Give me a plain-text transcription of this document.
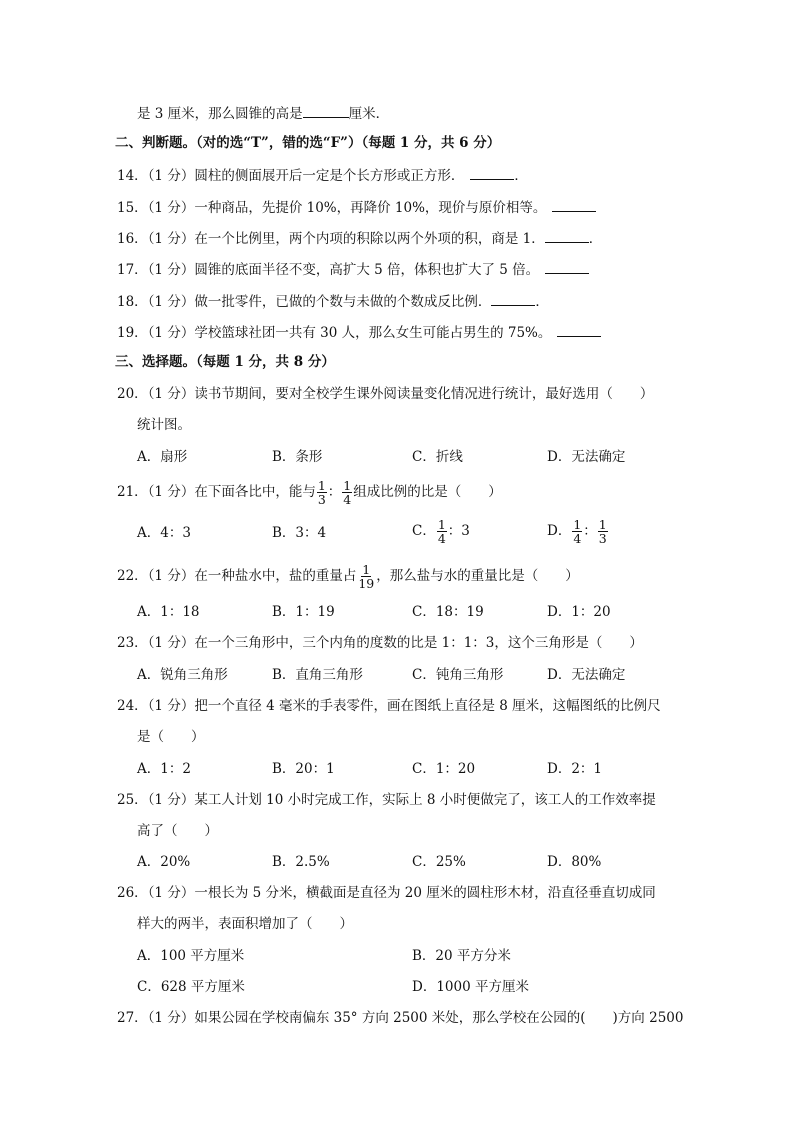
是 3 厘米，那么圆锥的高是	厘米．
二、判断题。（对的选“T”，错的选“F”）（每题 1 分，共 6 分）
14．（1 分）圆柱的侧面展开后一定是个长方形或正方形．	．
15．（1 分）一种商品，先提价 10%，再降价 10%，现价与原价相等。
16．（1 分）在一个比例里，两个内项的积除以两个外项的积，商是 1．	．
17．（1 分）圆锥的底面半径不变，高扩大 5 倍，体积也扩大了 5 倍。
18．（1 分）做一批零件，已做的个数与未做的个数成反比例．	．
19．（1 分）学校篮球社团一共有 30 人，那么女生可能占男生的 75%。
三、选择题。（每题 1 分，共 8 分）
20．（1 分）读书节期间，要对全校学生课外阅读量变化情况进行统计，最好选用（　　）
统计图。
A．扇形	B．条形	C．折线	D．无法确定
21．（1 分）在下面各比中，能与 $\frac{1}{3}$ ： $\frac{1}{4}$ 组成比例的比是（　　）
A．4：3	B．3：4	C． $\frac{1}{4}$ ：3	D． $\frac{1}{4}$ ： $\frac{1}{3}$
22．（1 分）在一种盐水中，盐的重量占 $\frac{1}{19}$ ，那么盐与水的重量比是（　　）
A．1：18	B．1：19	C．18：19	D．1：20
23．（1 分）在一个三角形中，三个内角的度数的比是 1：1：3，这个三角形是（　　）
A．锐角三角形	B．直角三角形	C．钝角三角形	D．无法确定
24．（1 分）把一个直径 4 毫米的手表零件，画在图纸上直径是 8 厘米，这幅图纸的比例尺
是（　　）
A．1：2	B．20：1	C．1：20	D．2：1
25．（1 分）某工人计划 10 小时完成工作，实际上 8 小时便做完了，该工人的工作效率提
高了（　　）
A．20%	B．2.5%	C．25%	D．80%
26．（1 分）一根长为 5 分米，横截面是直径为 20 厘米的圆柱形木材，沿直径垂直切成同
样大的两半，表面积增加了（　　）
A．100 平方厘米	B．20 平方分米
C．628 平方厘米	D．1000 平方厘米
27．（1 分）如果公园在学校南偏东 35° 方向 2500 米处，那么学校在公园的(　　)方向 2500
